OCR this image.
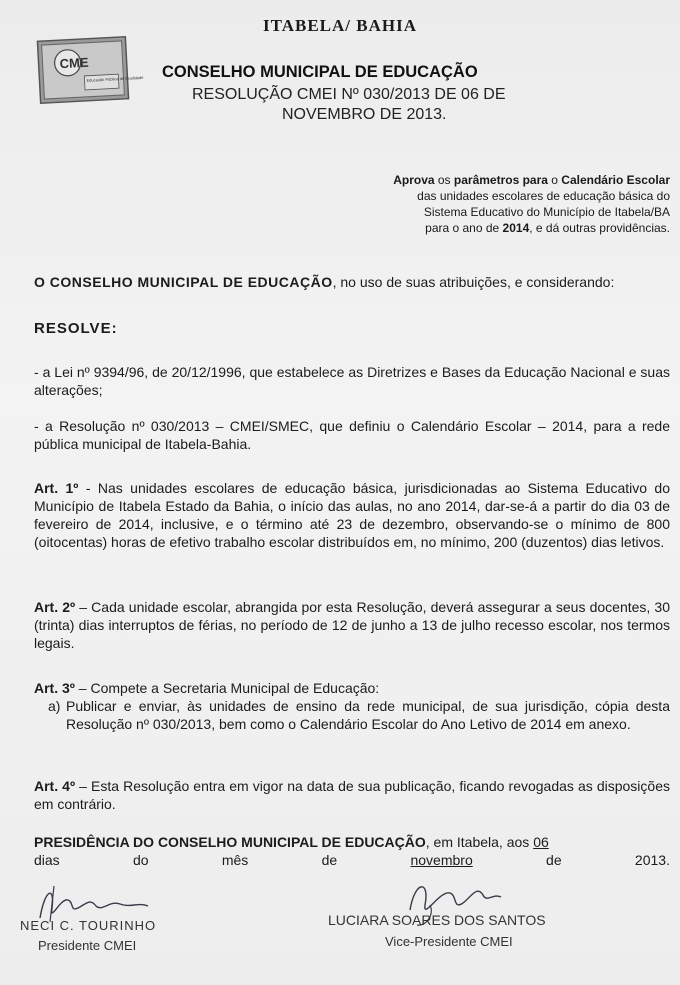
ITABELA/ BAHIA
CME
Educação Pública de Qualidade CONSELHO MUNICIPAL DE EDUCAÇÃO
RESOLUÇÃO CMEI Nº 030/2013 DE 06 DE
NOVEMBRO DE 2013.
Aprova os parâmetros para o Calendário Escolar
das unidades escolares de educação básica do
Sistema Educativo do Município de Itabela/BA
para o ano de 2014, e dá outras providências.
O CONSELHO MUNICIPAL DE EDUCAÇÃO, no uso de suas atribuições, e considerando:
RESOLVE:
- a Lei nº 9394/96, de 20/12/1996, que estabelece as Diretrizes e Bases da Educação Nacional e suas alterações;
- a Resolução nº 030/2013 – CMEI/SMEC, que definiu o Calendário Escolar – 2014, para a rede pública municipal de Itabela-Bahia.
Art. 1º - Nas unidades escolares de educação básica, jurisdicionadas ao Sistema Educativo do Município de Itabela Estado da Bahia, o início das aulas, no ano 2014, dar-se-á a partir do dia 03 de fevereiro de 2014, inclusive, e o término até 23 de dezembro, observando-se o mínimo de 800 (oitocentas) horas de efetivo trabalho escolar distribuídos em, no mínimo, 200 (duzentos) dias letivos.
Art. 2º – Cada unidade escolar, abrangida por esta Resolução, deverá assegurar a seus docentes, 30 (trinta) dias interruptos de férias, no período de 12 de junho a 13 de julho recesso escolar, nos termos legais.
Art. 3º – Compete a Secretaria Municipal de Educação:
a) Publicar e enviar, às unidades de ensino da rede municipal, de sua jurisdição, cópia desta Resolução nº 030/2013, bem como o Calendário Escolar do Ano Letivo de 2014 em anexo.
Art. 4º – Esta Resolução entra em vigor na data de sua publicação, ficando revogadas as disposições em contrário.
PRESIDÊNCIA DO CONSELHO MUNICIPAL DE EDUCAÇÃO, em Itabela, aos 06
dias	do	mês	de	novembro	de	2013.
NECI C. TOURINHO
Presidente CMEI
LUCIARA SOARES DOS SANTOS
Vice-Presidente CMEI
